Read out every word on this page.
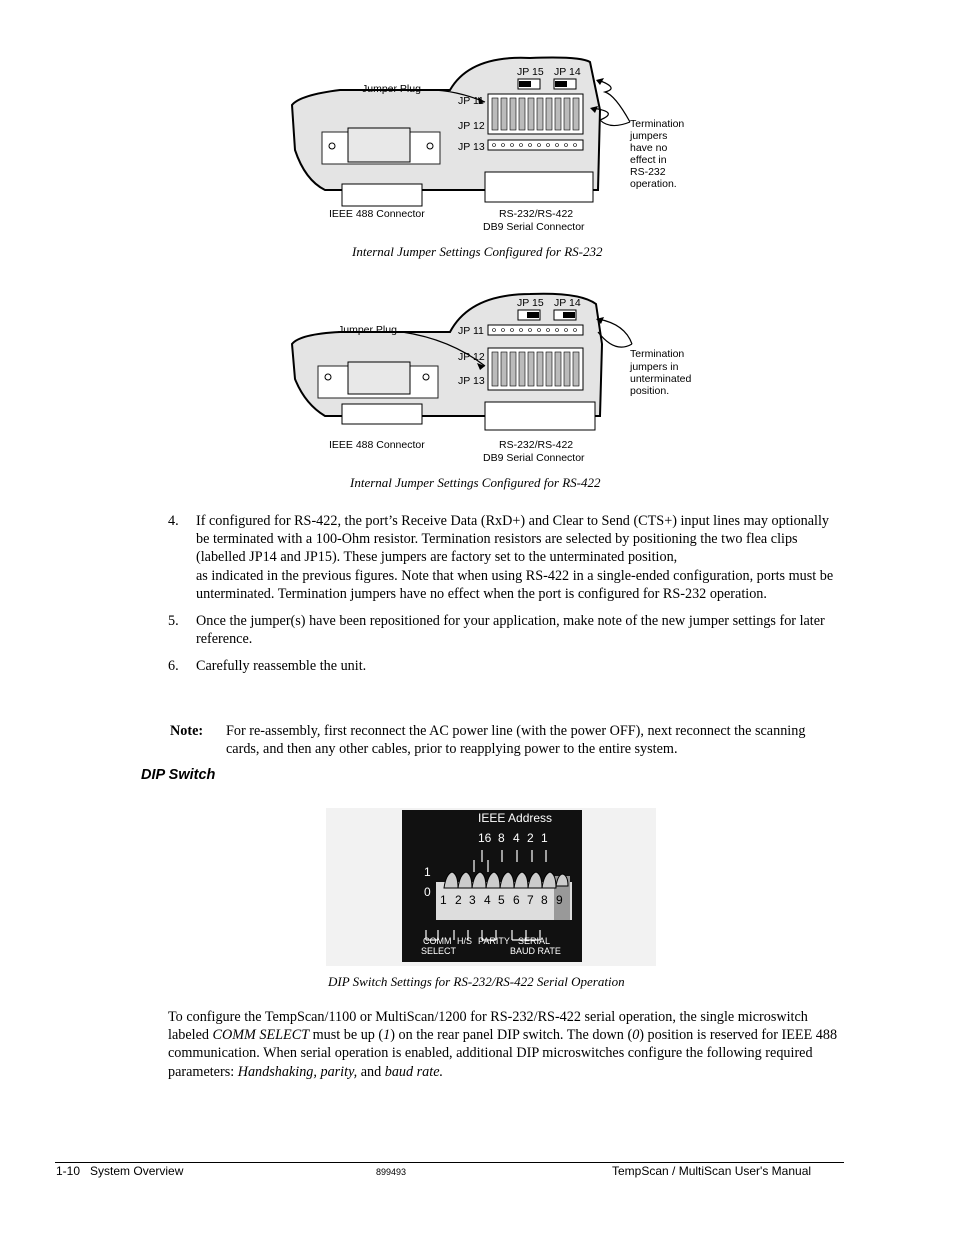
Jumper Plug
JP 15 JP 14
JP 11
JP 12
JP 13
Termination
jumpers
have no
effect in
RS-232
operation.
IEEE 488 Connector	RS-232/RS-422
DB9 Serial Connector
Internal Jumper Settings Configured for RS-232
Jumper Plug
JP 15 JP 14
JP 11
JP 12
JP 13
Termination
jumpers in
unterminated
position.
IEEE 488 Connector	RS-232/RS-422
DB9 Serial Connector
Internal Jumper Settings Configured for RS-422
4. If configured for RS-422, the port’s Receive Data (RxD+) and Clear to Send (CTS+) input lines may optionally be terminated with a 100-Ohm resistor. Termination resistors are selected by positioning the two flea clips (labelled JP14 and JP15). These jumpers are factory set to the unterminated position,
as indicated in the previous figures. Note that when using RS-422 in a single-ended configuration, ports must be unterminated. Termination jumpers have no effect when the port is configured for RS-232 operation.
5. Once the jumper(s) have been repositioned for your application, make note of the new jumper settings for later reference.
6. Carefully reassemble the unit.
Note: For re-assembly, first reconnect the AC power line (with the power OFF), next reconnect the scanning cards, and then any other cables, prior to reapplying power to the entire system.
DIP Switch
IEEE Address
16 8 4 2 1
1
0
1 2 3 4 5 6 7 8 9
COMM
SELECT
H/S PARITY SERIAL
BAUD RATE
DIP Switch Settings for RS-232/RS-422 Serial Operation
To configure the TempScan/1100 or MultiScan/1200 for RS-232/RS-422 serial operation, the single microswitch labeled COMM SELECT must be up (1) on the rear panel DIP switch. The down (0) position is reserved for IEEE 488 communication. When serial operation is enabled, additional DIP microswitches configure the following required parameters: Handshaking, parity, and baud rate.
1-10   System Overview	899493	TempScan / MultiScan User's Manual
